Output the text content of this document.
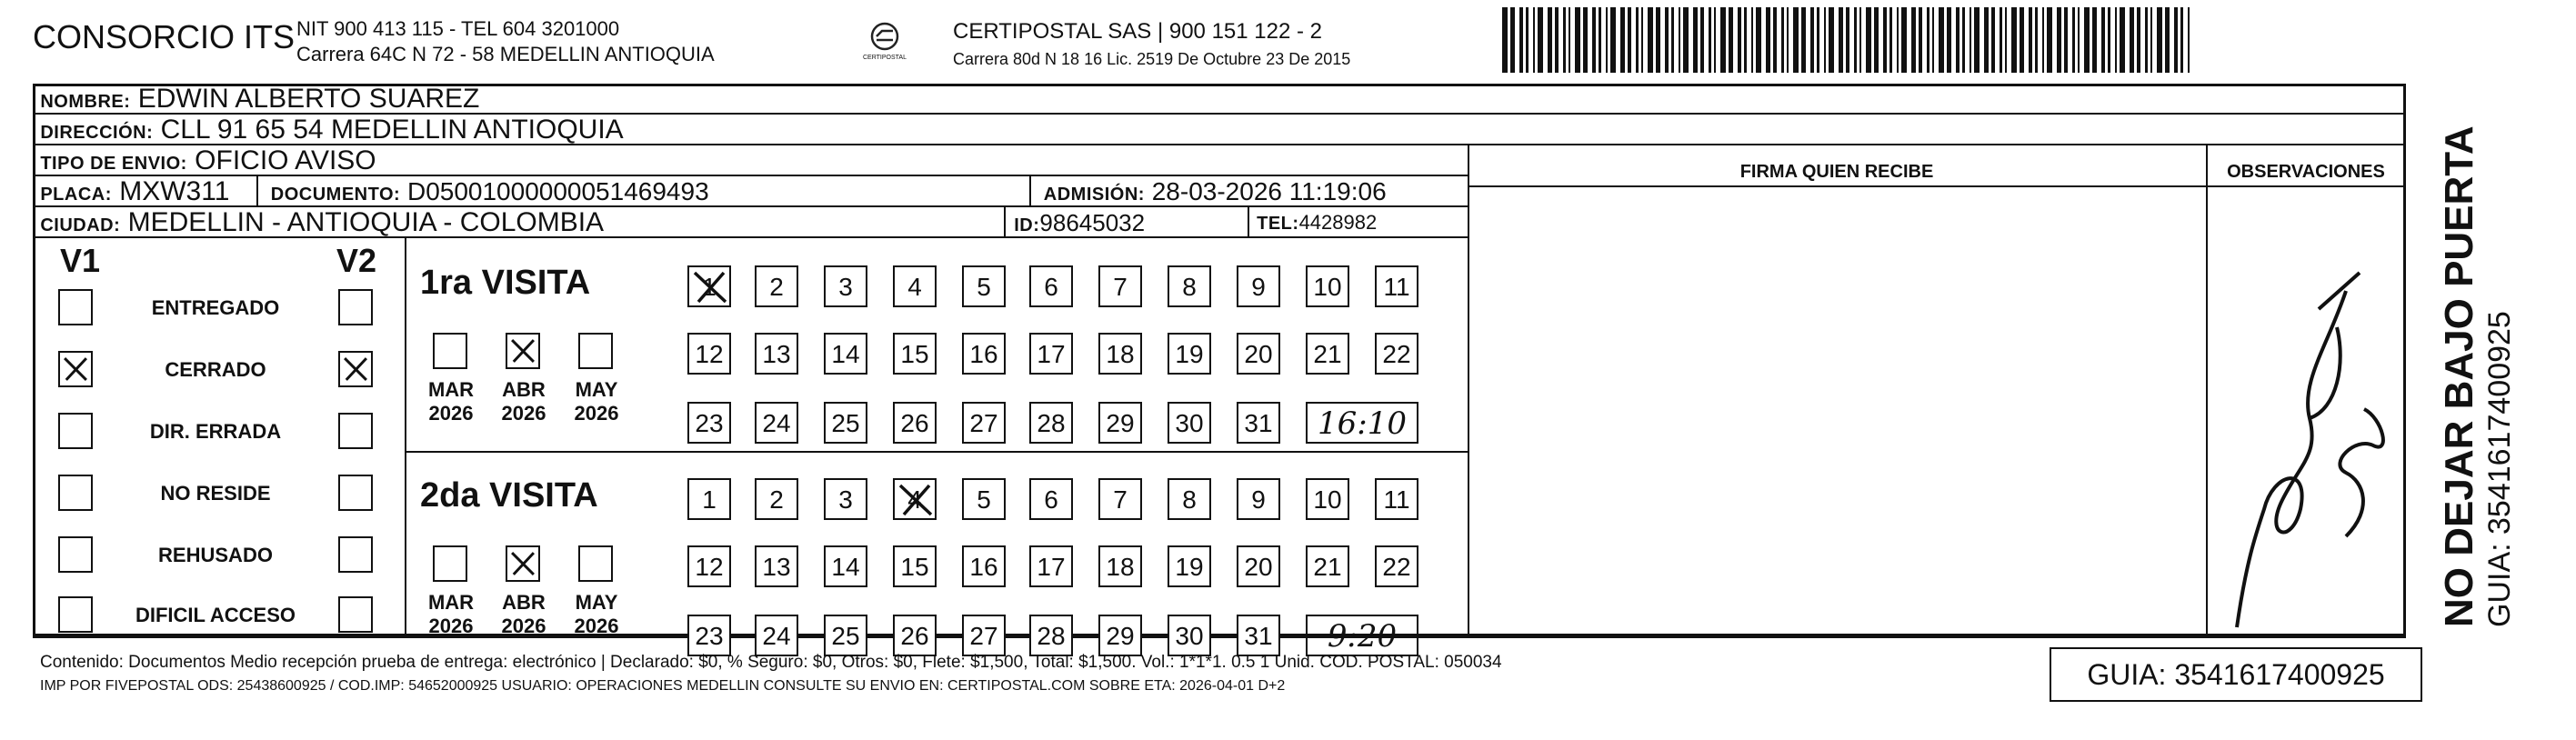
CONSORCIO ITS NIT 900 413 115 - TEL 604 3201000
Carrera 64C N 72 - 58 MEDELLIN ANTIOQUIA	CERTIPOSTAL
CERTIPOSTAL SAS | 900 151 122 - 2
Carrera 80d N 18 16 Lic. 2519 De Octubre 23 De 2015
NOMBRE: EDWIN ALBERTO SUAREZ
DIRECCIÓN: CLL 91 65 54 MEDELLIN ANTIOQUIA
TIPO DE ENVIO: OFICIO AVISO
PLACA: MXW311	DOCUMENTO: D05001000000051469493	ADMISIÓN: 28-03-2026 11:19:06
CIUDAD: MEDELLIN - ANTIOQUIA - COLOMBIA	ID:98645032	TEL:4428982
FIRMA QUIEN RECIBE	OBSERVACIONES
V1	V2
ENTREGADO
CERRADO
DIR. ERRADA
NO RESIDE
REHUSADO
DIFICIL ACCESO
1ra VISITA
MAR
2026
ABR
2026
MAY
2026
1	2	3	4	5	6	7	8	9	10	11
12	13	14	15	16	17	18	19	20	21	22
23	24	25	26	27	28	29	30	31	16:10
2da VISITA
MAR
2026
ABR
2026
MAY
2026
1	2	3	4	5	6	7	8	9	10	11
12	13	14	15	16	17	18	19	20	21	22
23	24	25	26	27	28	29	30	31	9:20
Contenido: Documentos Medio recepción prueba de entrega: electrónico | Declarado: $0, % Seguro: $0, Otros: $0, Flete: $1,500, Total: $1,500. Vol.: 1*1*1. 0.5 1 Unid. COD. POSTAL: 050034
IMP POR FIVEPOSTAL ODS: 25438600925 / COD.IMP: 54652000925 USUARIO: OPERACIONES MEDELLIN CONSULTE SU ENVIO EN: CERTIPOSTAL.COM SOBRE ETA: 2026-04-01 D+2	GUIA: 3541617400925
NO DEJAR BAJO PUERTA GUIA: 3541617400925
